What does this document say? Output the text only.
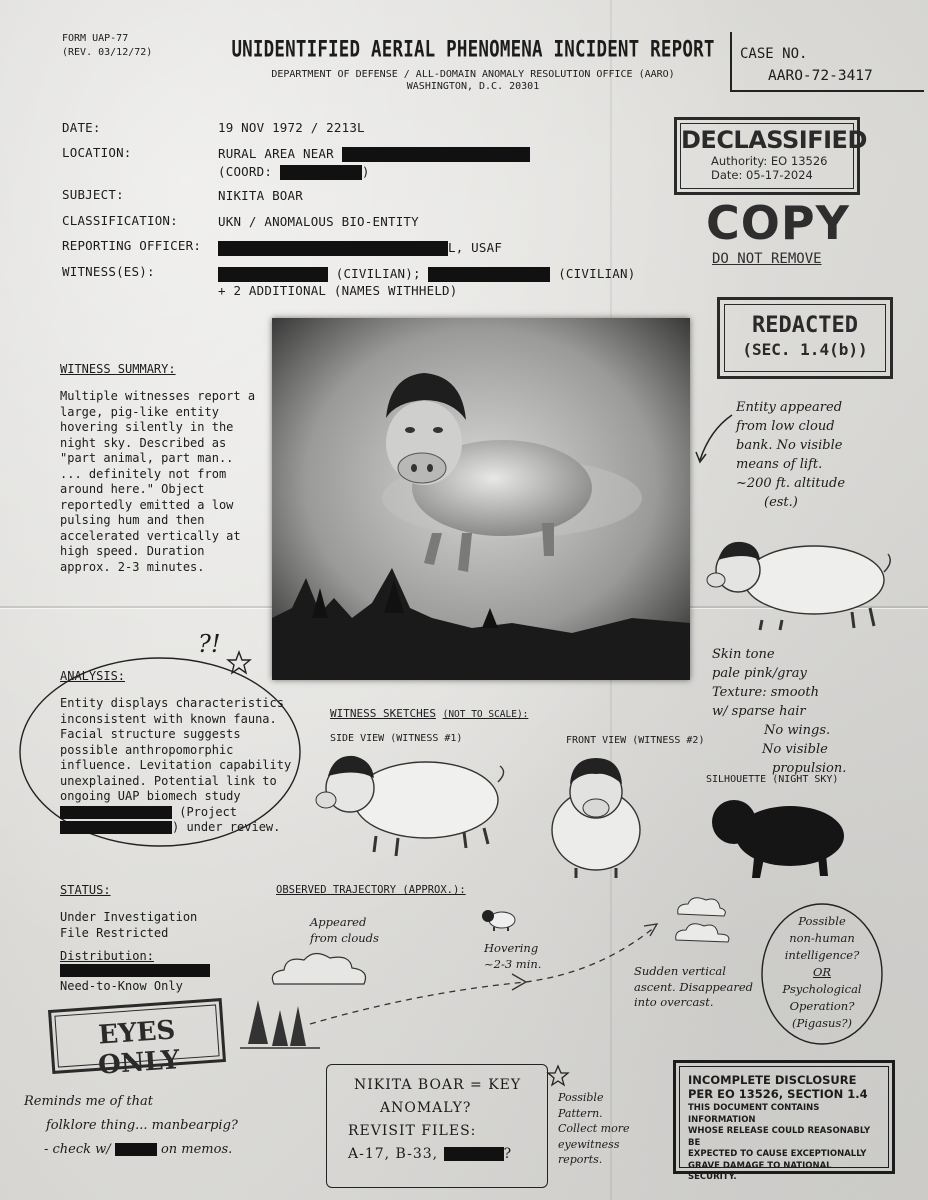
FORM UAP-77
(REV. 03/12/72)	UNIDENTIFIED AERIAL PHENOMENA INCIDENT REPORT
DEPARTMENT OF DEFENSE / ALL-DOMAIN ANOMALY RESOLUTION OFFICE (AARO)
WASHINGTON, D.C. 20301
CASE NO.
AARO-72-3417
DATE:	19 NOV 1972 / 2213L
LOCATION:	RURAL AREA NEAR
(COORD:	)
SUBJECT:	NIKITA BOAR
CLASSIFICATION:	UKN / ANOMALOUS BIO-ENTITY
REPORTING OFFICER:	L, USAF
WITNESS(ES):	(CIVILIAN);	(CIVILIAN)
+ 2 ADDITIONAL (NAMES WITHHELD)
DECLASSIFIED
Authority: EO 13526
Date: 05-17-2024
COPY
DO NOT REMOVE
REDACTED
(SEC. 1.4(b))
WITNESS SUMMARY:
Multiple witnesses report a
large, pig-like entity
hovering silently in the
night sky. Described as
"part animal, part man..
... definitely not from
around here." Object
reportedly emitted a low
pulsing hum and then
accelerated vertically at
high speed. Duration
approx. 2-3 minutes.
Entity appeared
from low cloud
bank. No visible
means of lift.
~200 ft. altitude
(est.)
Skin tone
pale pink/gray
Texture: smooth
w/ sparse hair
No wings.
No visible
propulsion.
?!
ANALYSIS:
Entity displays characteristics
inconsistent with known fauna.
Facial structure suggests
possible anthropomorphic
influence. Levitation capability
unexplained. Potential link to
ongoing UAP biomech study
(Project
) under review.
WITNESS SKETCHES (NOT TO SCALE):
SIDE VIEW (WITNESS #1)	FRONT VIEW (WITNESS #2)
SILHOUETTE (NIGHT SKY)
STATUS:
Under Investigation
File Restricted
Distribution:
Need-to-Know Only
OBSERVED TRAJECTORY (APPROX.):
Appeared
from clouds
Hovering
~2-3 min.	Sudden vertical
ascent. Disappeared
into overcast.
Possible
non-human
intelligence?
OR
Psychological
Operation?
(Pigasus?)
EYES ONLY
Reminds me of that
folklore thing... manbearpig?
- check w/	on memos.
NIKITA BOAR = KEY
ANOMALY?
REVISIT FILES:
A-17, B-33,	?
Possible
Pattern.
Collect more
eyewitness
reports.
INCOMPLETE DISCLOSURE
PER EO 13526, SECTION 1.4
THIS DOCUMENT CONTAINS INFORMATION
WHOSE RELEASE COULD REASONABLY BE
EXPECTED TO CAUSE EXCEPTIONALLY
GRAVE DAMAGE TO NATIONAL SECURITY.
